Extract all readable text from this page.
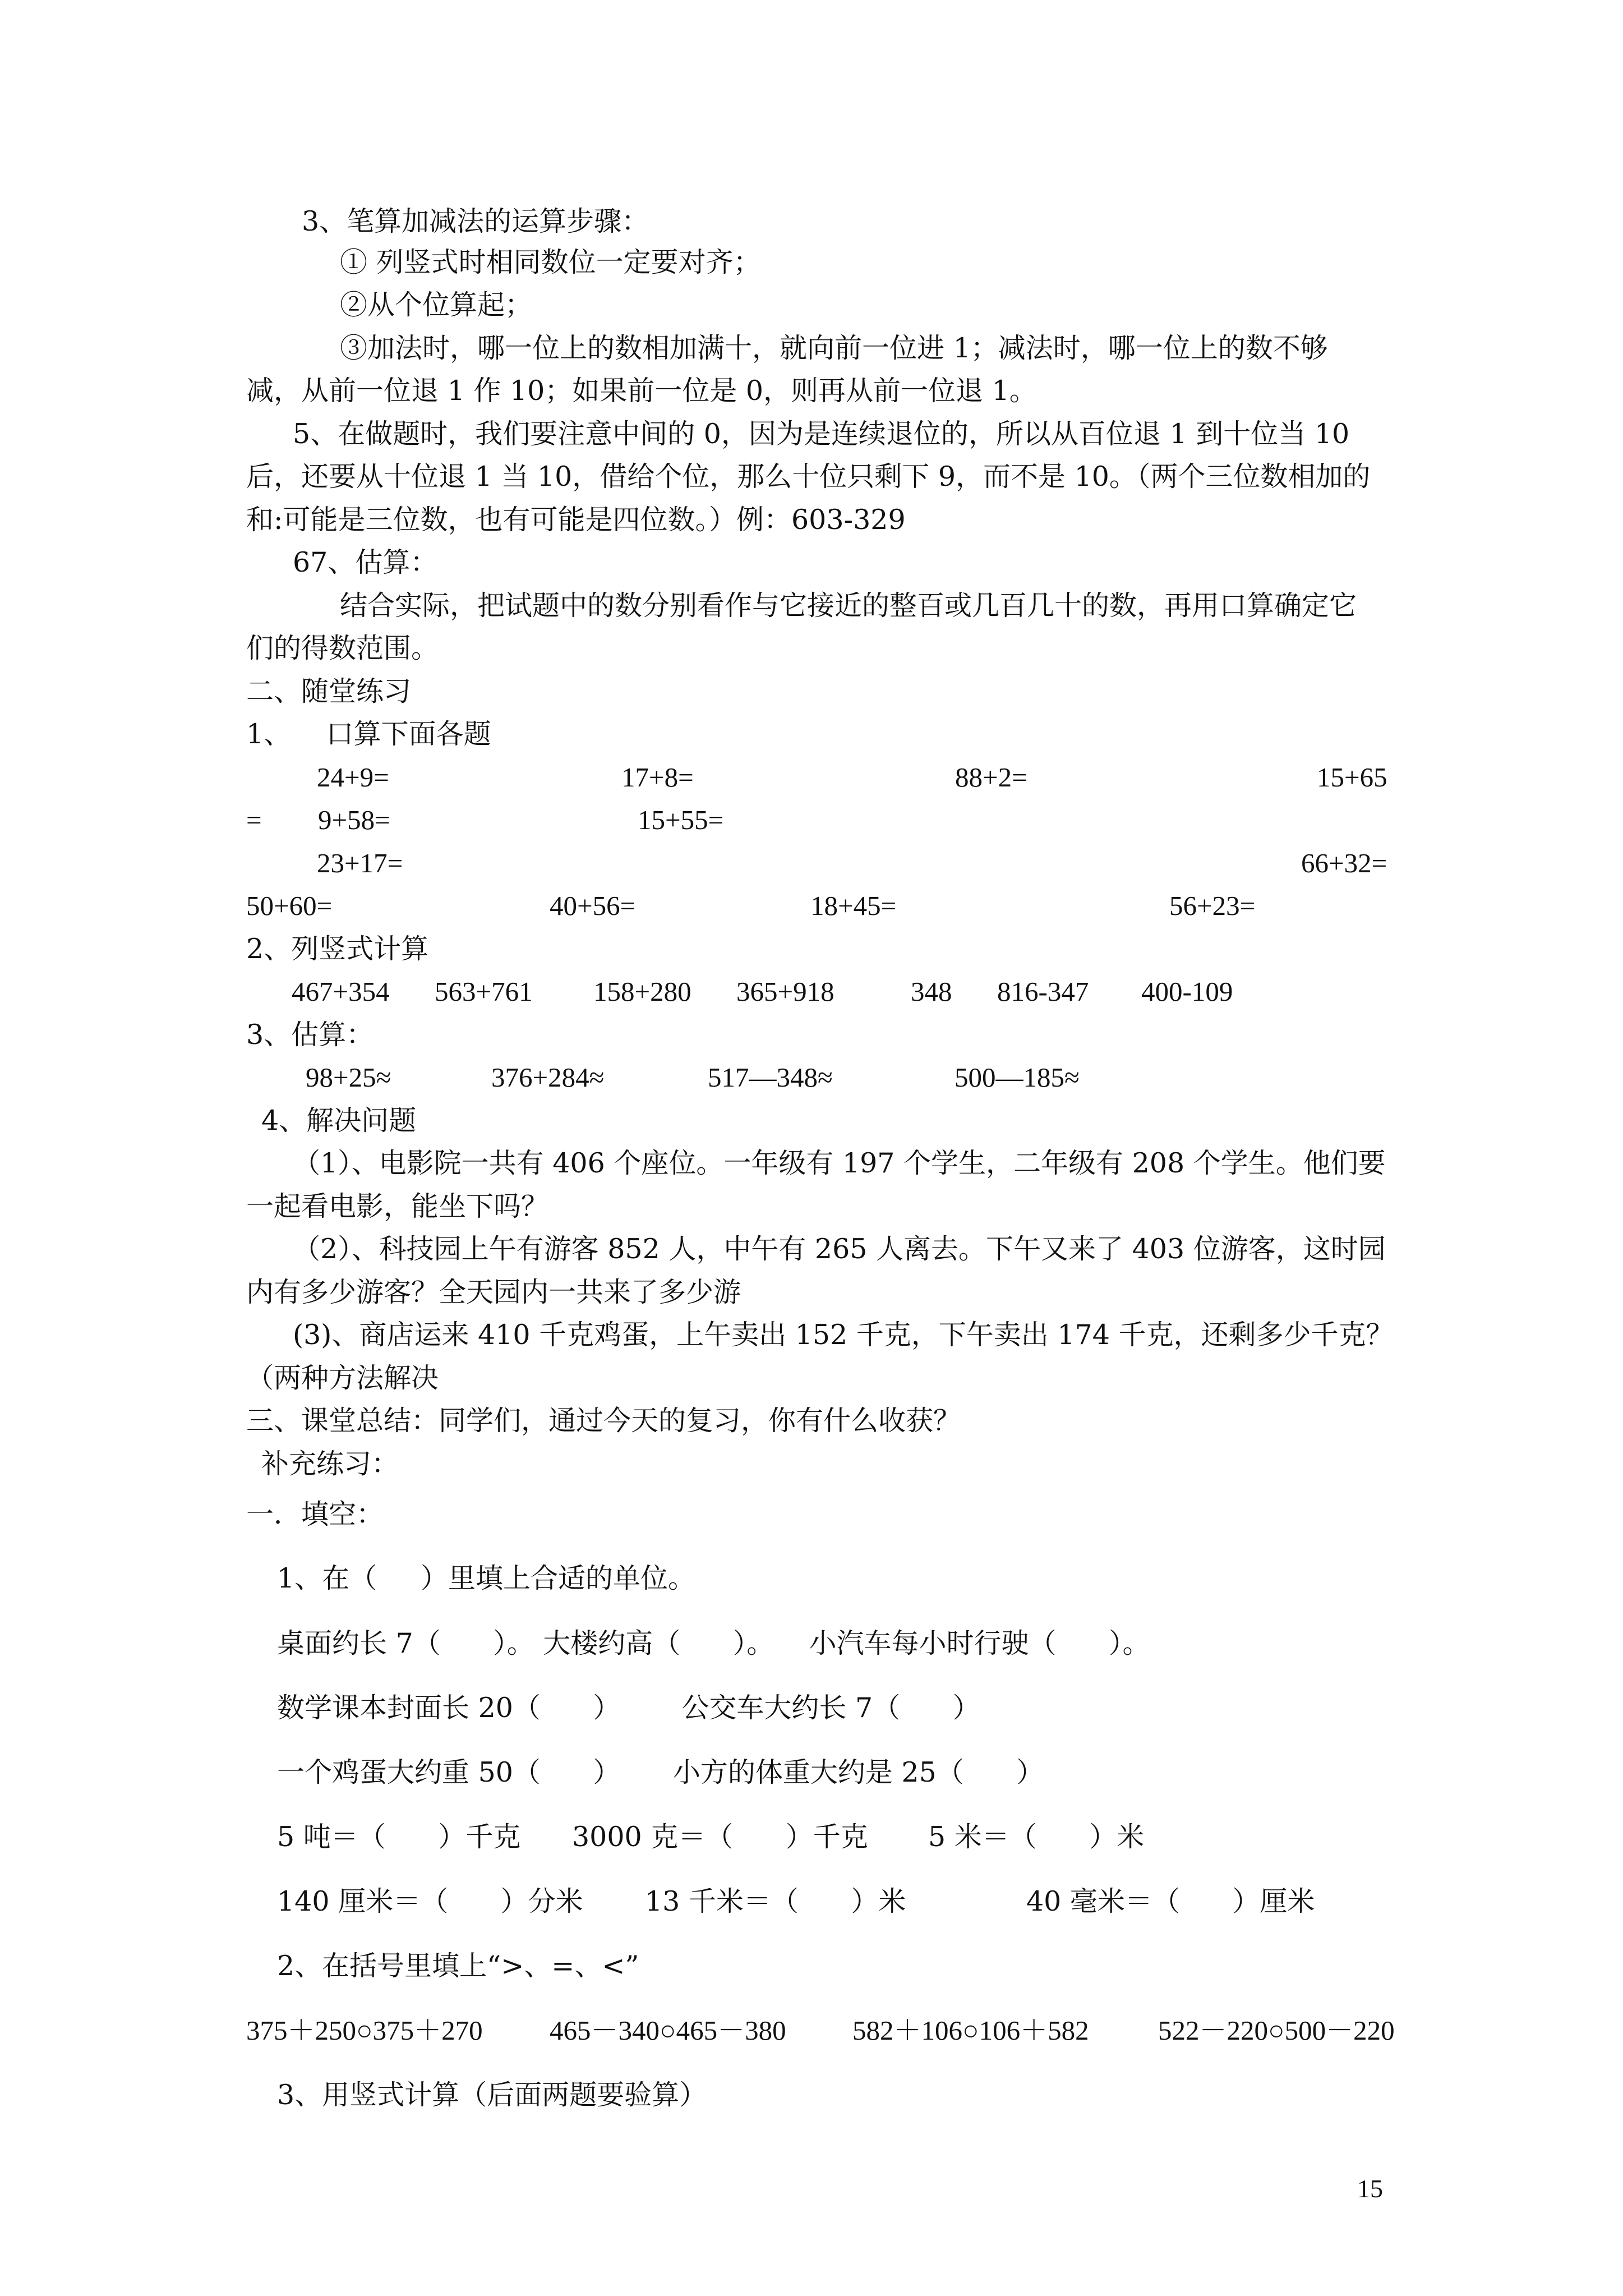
3、笔算加减法的运算步骤：
① 列竖式时相同数位一定要对齐；
②从个位算起；
③加法时，哪一位上的数相加满十，就向前一位进 1；减法时，哪一位上的数不够
减，从前一位退 1 作 10；如果前一位是 0，则再从前一位退 1。
5、在做题时，我们要注意中间的 0，因为是连续退位的，所以从百位退 1 到十位当 10
后，还要从十位退 1 当 10，借给个位，那么十位只剩下 9，而不是 10。（两个三位数相加的
和:可能是三位数，也有可能是四位数。）例：603-329
67、估算：
结合实际，把试题中的数分别看作与它接近的整百或几百几十的数，再用口算确定它
们的得数范围。
二、随堂练习
1、    口算下面各题
24+9=	17+8=	88+2=	15+65
= 9+58=	15+55=
23+17=	66+32=
50+60=	40+56=	18+45=	56+23=
2、列竖式计算
467+354 563+761 158+280 365+918	348 816-347 400-109
3、估算：
98+25≈	376+284≈	517—348≈	500—185≈
4、解决问题
（1）、电影院一共有 406 个座位。一年级有 197 个学生，二年级有 208 个学生。他们要
一起看电影，能坐下吗？
（2）、科技园上午有游客 852 人，中午有 265 人离去。下午又来了 403 位游客，这时园
内有多少游客？全天园内一共来了多少游
(3)、商店运来 410 千克鸡蛋，上午卖出 152 千克，下午卖出 174 千克，还剩多少千克？
（两种方法解决
三、课堂总结：同学们，通过今天的复习，你有什么收获？
补充练习：
一．填空：
1、在（     ）里填上合适的单位。
桌面约长 7（      ）。 大楼约高（      ）。    小汽车每小时行驶（      ）。
数学课本封面长 20（      ）       公交车大约长 7（      ）
一个鸡蛋大约重 50（      ）      小方的体重大约是 25（      ）
5 吨＝（      ）千克 3000 克＝（      ）千克 5 米＝（      ）米
140 厘米＝（      ）分米 13 千米＝（      ）米	40 毫米＝（      ）厘米
2、在括号里填上“>、=、<”
375＋250○375＋270 465－340○465－380 582＋106○106＋582	522－220○500－220
3、用竖式计算（后面两题要验算）
15
